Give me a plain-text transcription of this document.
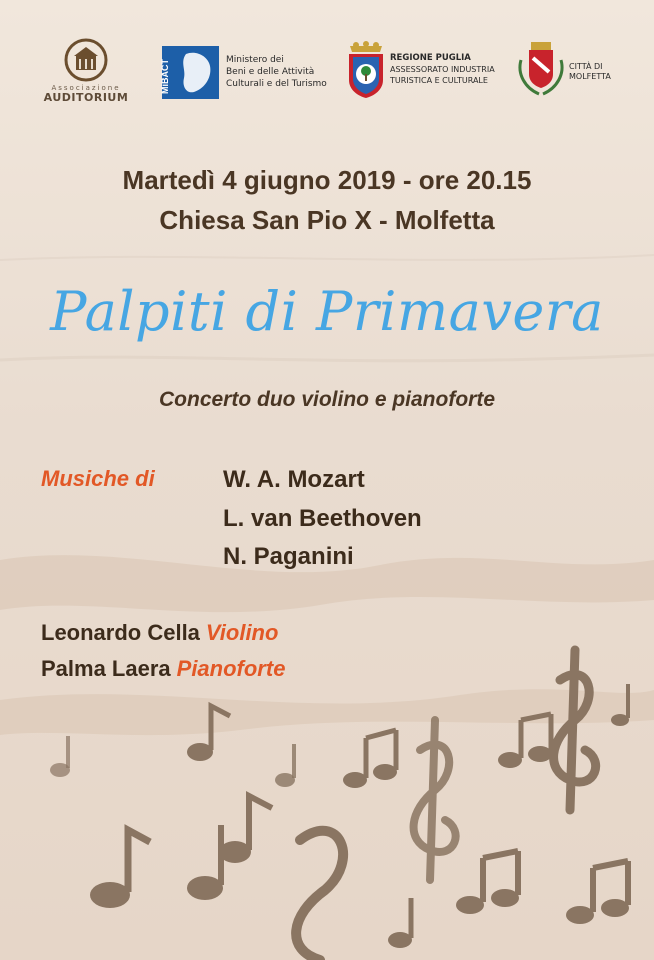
Associazione
AUDITORIUM
MiBACT	Ministero dei
Beni e delle Attività
Culturali e del Turismo
REGIONE PUGLIA
ASSESSORATO INDUSTRIA
TURISTICA E CULTURALE
CITTÀ DI
MOLFETTA
Martedì 4 giugno 2019 - ore 20.15
Chiesa San Pio X - Molfetta
Palpiti di Primavera
Concerto duo violino e pianoforte
Musiche di	W. A. Mozart
L. van Beethoven
N. Paganini
Leonardo Cella Violino
Palma Laera Pianoforte
